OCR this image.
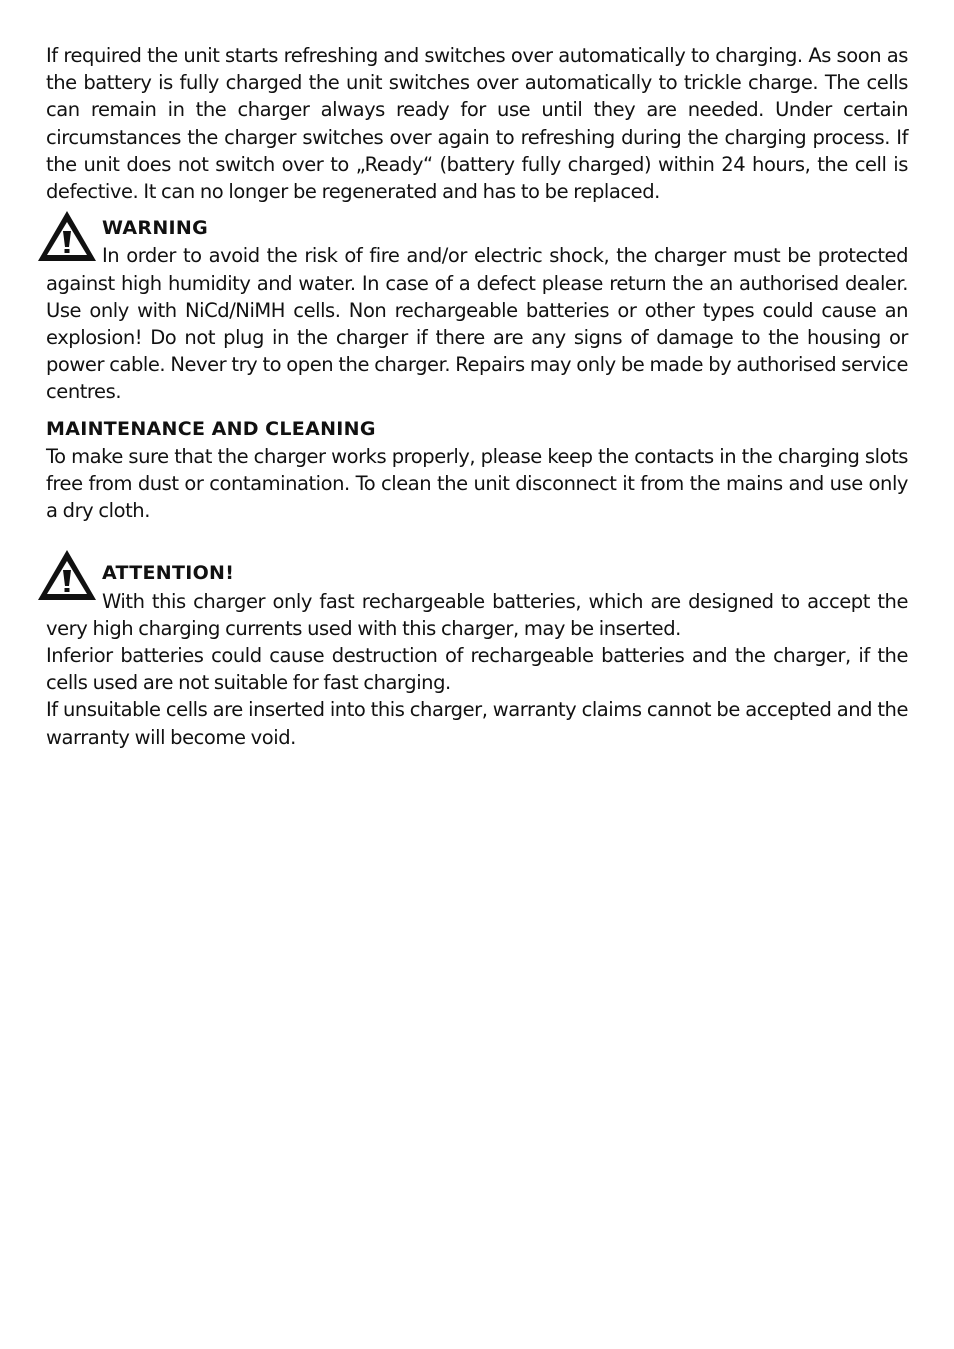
If required the unit starts refreshing and switches over automatically to charging. As soon as the battery is fully charged the unit switches over automatically to trickle charge. The cells can remain in the charger always ready for use until they are needed. Under certain circumstances the charger switches over again to refreshing during the charging process. If the unit does not switch over to „Ready“ (battery fully charged) within 24 hours, the cell is defective. It can no longer be regenerated and has to be replaced.

WARNING

In order to avoid the risk of fire and/or electric shock, the charger must be protected against high humidity and water. In case of a defect please return the an authorised dealer. Use only with NiCd/NiMH cells. Non rechargeable batteries or other types could cause an explosion! Do not plug in the charger if there are any signs of damage to the housing or power cable. Never try to open the charger. Repairs may only be made by authorised service centres.

MAINTENANCE AND CLEANING

To make sure that the charger works properly, please keep the contacts in the charging slots free from dust or contamination. To clean the unit disconnect it from the mains and use only a dry cloth.

ATTENTION!

With this charger only fast rechargeable batteries, which are designed to accept the very high charging currents used with this charger, may be inserted.

Inferior batteries could cause destruction of rechargeable batteries and the charger, if the cells used are not suitable for fast charging.

If unsuitable cells are inserted into this charger, warranty claims cannot be accepted and the warranty will become void.
